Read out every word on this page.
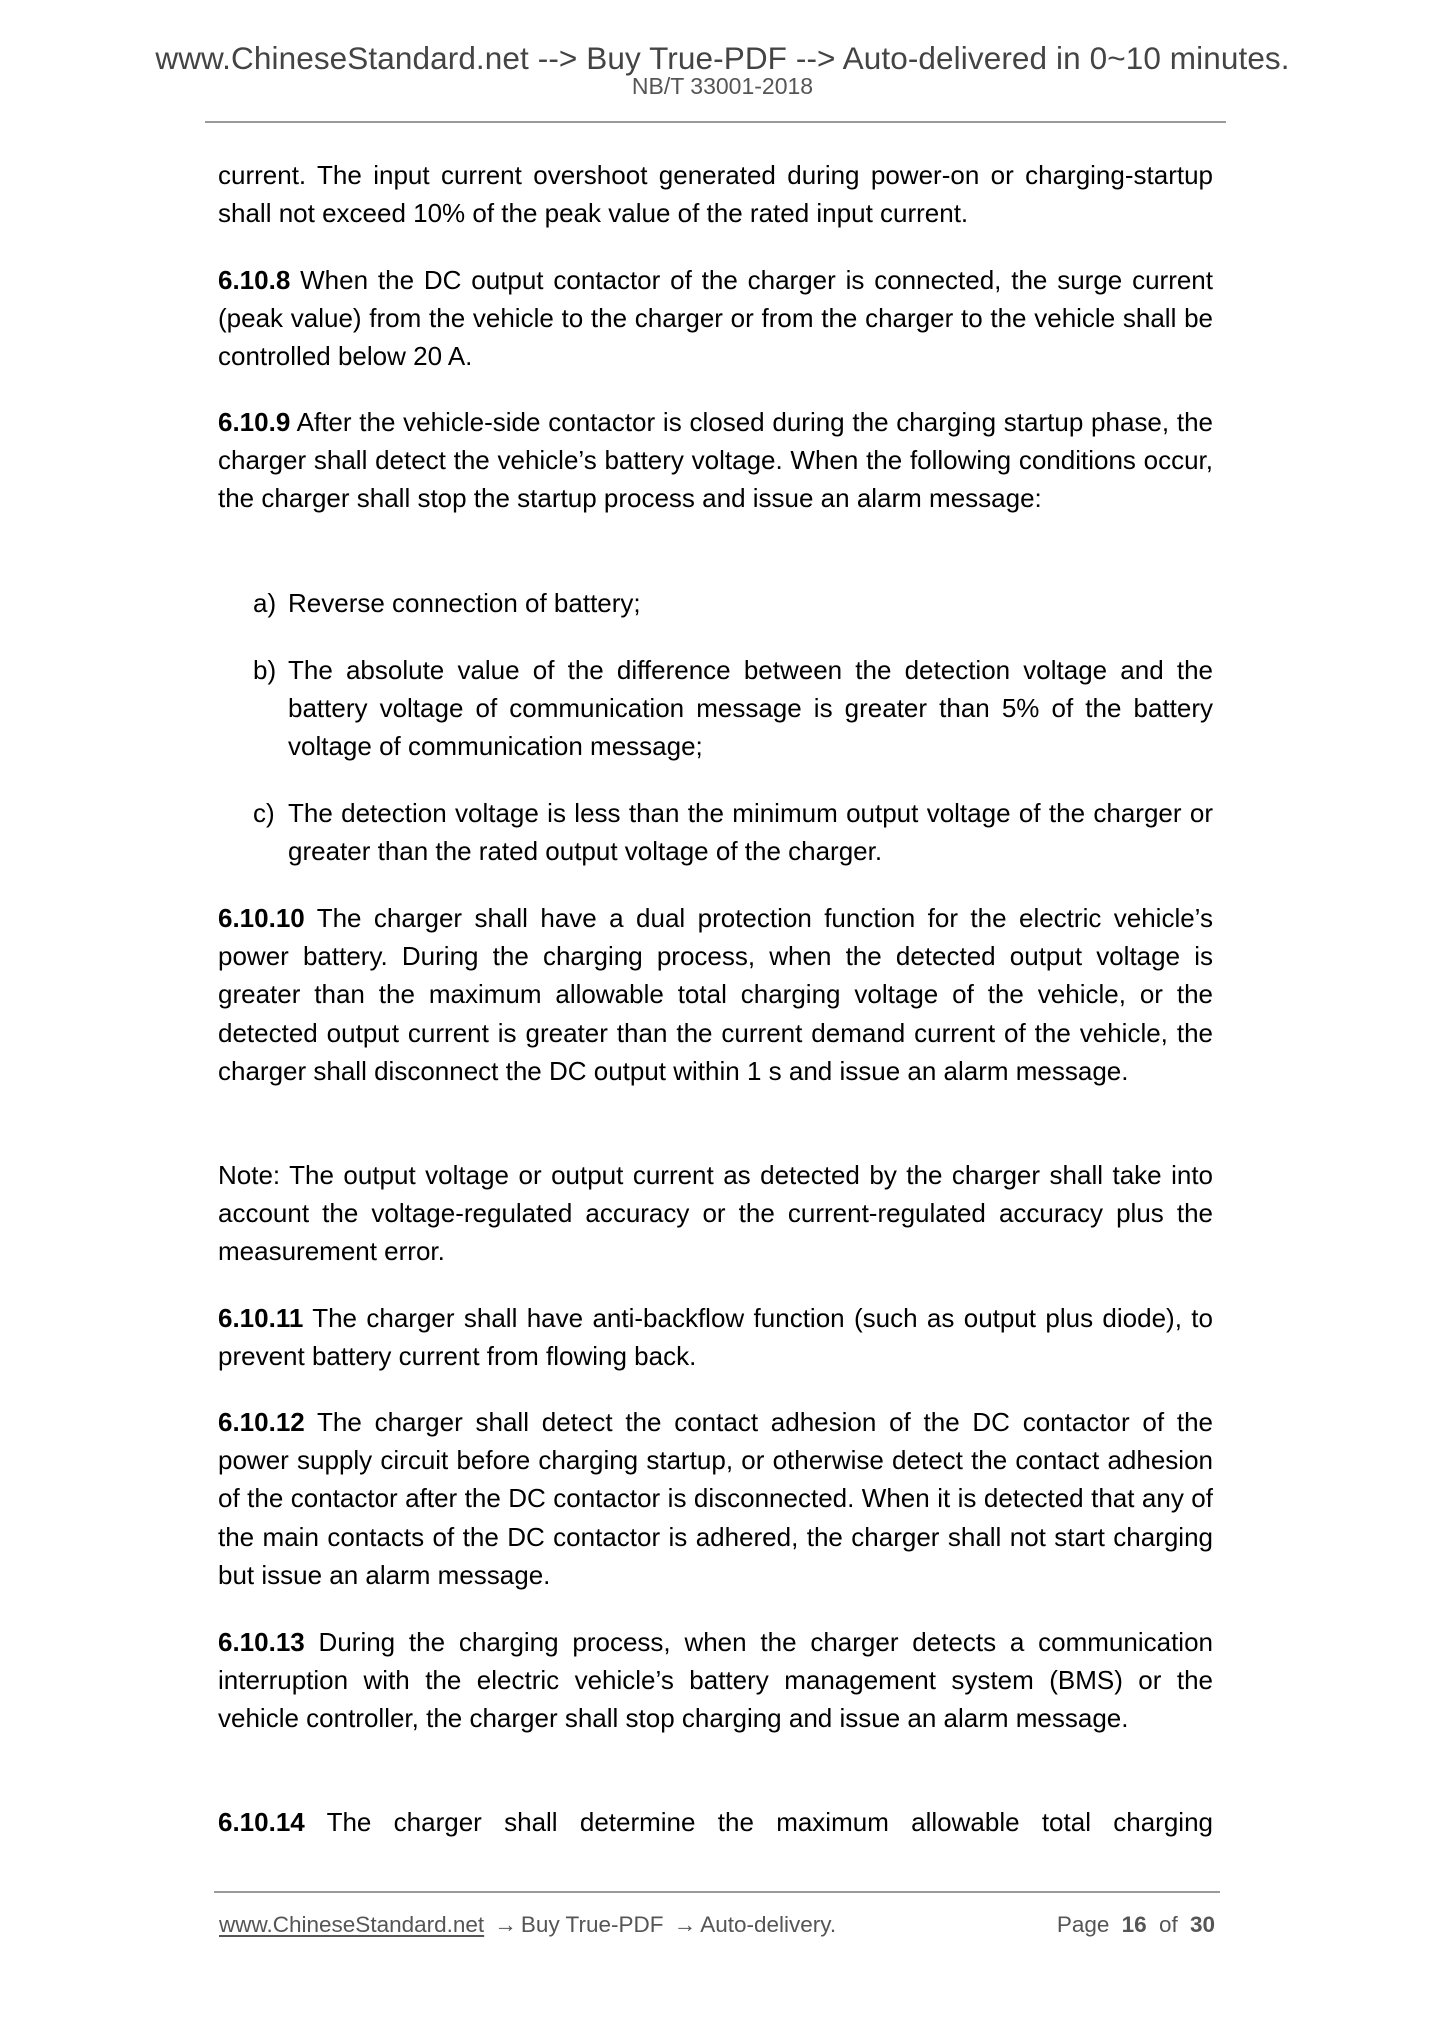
www.ChineseStandard.net --> Buy True-PDF --> Auto-delivered in 0~10 minutes.
NB/T 33001-2018
current. The input current overshoot generated during power-on or charging-startup shall not exceed 10% of the peak value of the rated input current.
6.10.8 When the DC output contactor of the charger is connected, the surge current (peak value) from the vehicle to the charger or from the charger to the vehicle shall be controlled below 20 A.
6.10.9 After the vehicle-side contactor is closed during the charging startup phase, the charger shall detect the vehicle’s battery voltage. When the following conditions occur, the charger shall stop the startup process and issue an alarm message:
a) Reverse connection of battery;
b) The absolute value of the difference between the detection voltage and the battery voltage of communication message is greater than 5% of the battery voltage of communication message;
c) The detection voltage is less than the minimum output voltage of the charger or greater than the rated output voltage of the charger.
6.10.10 The charger shall have a dual protection function for the electric vehicle’s power battery. During the charging process, when the detected output voltage is greater than the maximum allowable total charging voltage of the vehicle, or the detected output current is greater than the current demand current of the vehicle, the charger shall disconnect the DC output within 1 s and issue an alarm message.
Note: The output voltage or output current as detected by the charger shall take into account the voltage-regulated accuracy or the current-regulated accuracy plus the measurement error.
6.10.11 The charger shall have anti-backflow function (such as output plus diode), to prevent battery current from flowing back.
6.10.12 The charger shall detect the contact adhesion of the DC contactor of the power supply circuit before charging startup, or otherwise detect the contact adhesion of the contactor after the DC contactor is disconnected. When it is detected that any of the main contacts of the DC contactor is adhered, the charger shall not start charging but issue an alarm message.
6.10.13 During the charging process, when the charger detects a communication interruption with the electric vehicle’s battery management system (BMS) or the vehicle controller, the charger shall stop charging and issue an alarm message.
6.10.14 The charger shall determine the maximum allowable total charging
www.ChineseStandard.net → Buy True-PDF → Auto-delivery.	Page 16 of 30
